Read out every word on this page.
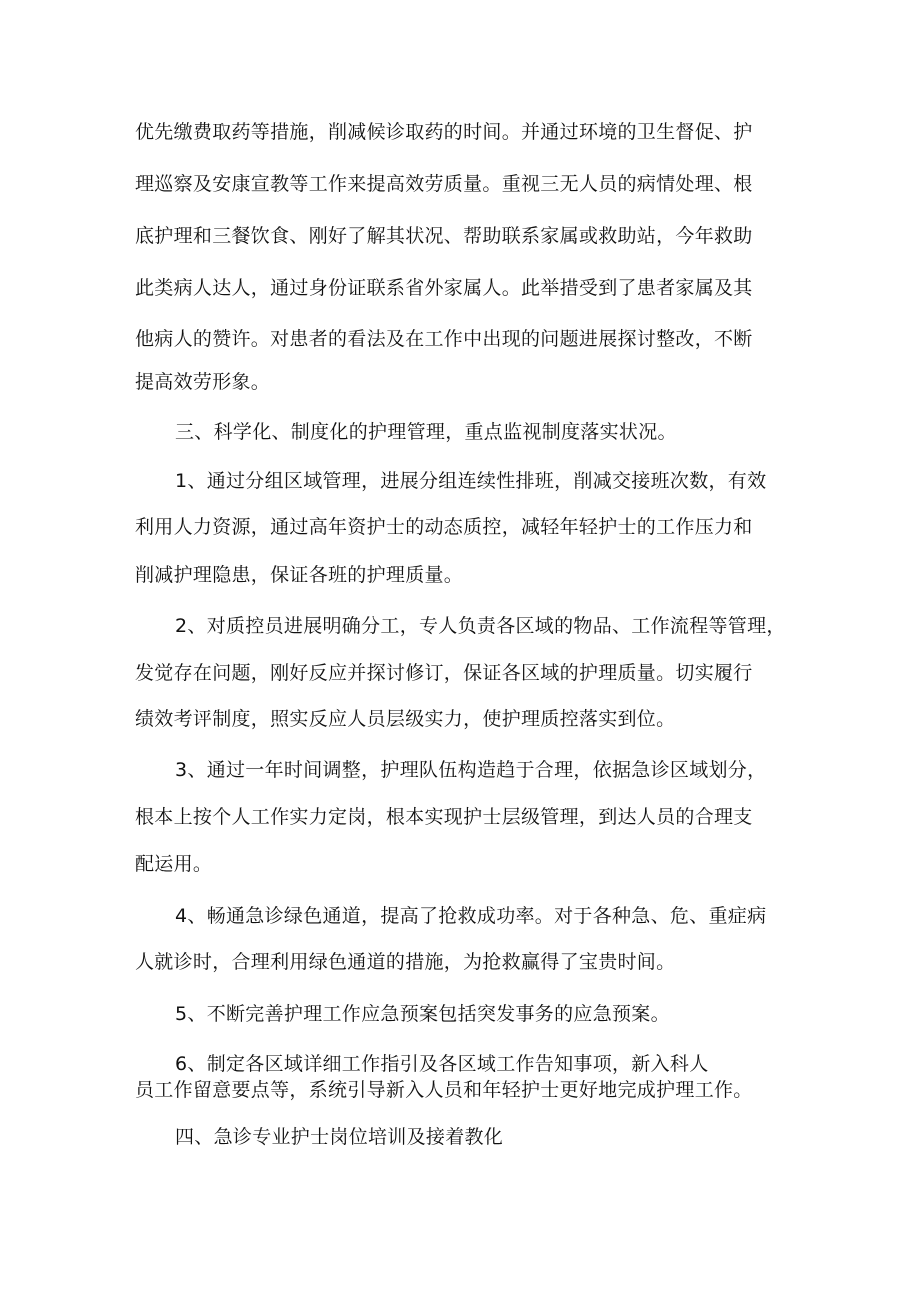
优先缴费取药等措施，削减候诊取药的时间。并通过环境的卫生督促、护
理巡察及安康宣教等工作来提高效劳质量。重视三无人员的病情处理、根
底护理和三餐饮食、刚好了解其状况、帮助联系家属或救助站，今年救助
此类病人达人，通过身份证联系省外家属人。此举措受到了患者家属及其
他病人的赞许。对患者的看法及在工作中出现的问题进展探讨整改，不断
提高效劳形象。
三、科学化、制度化的护理管理，重点监视制度落实状况。
1、通过分组区域管理，进展分组连续性排班，削减交接班次数，有效
利用人力资源，通过高年资护士的动态质控，减轻年轻护士的工作压力和
削减护理隐患，保证各班的护理质量。
2、对质控员进展明确分工，专人负责各区域的物品、工作流程等管理，
发觉存在问题，刚好反应并探讨修订，保证各区域的护理质量。切实履行
绩效考评制度，照实反应人员层级实力，使护理质控落实到位。
3、通过一年时间调整，护理队伍构造趋于合理，依据急诊区域划分，
根本上按个人工作实力定岗，根本实现护士层级管理，到达人员的合理支
配运用。
4、畅通急诊绿色通道，提高了抢救成功率。对于各种急、危、重症病
人就诊时，合理利用绿色通道的措施，为抢救赢得了宝贵时间。
5、不断完善护理工作应急预案包括突发事务的应急预案。
6、制定各区域详细工作指引及各区域工作告知事项，新入科人
员工作留意要点等，系统引导新入人员和年轻护士更好地完成护理工作。
四、急诊专业护士岗位培训及接着教化
